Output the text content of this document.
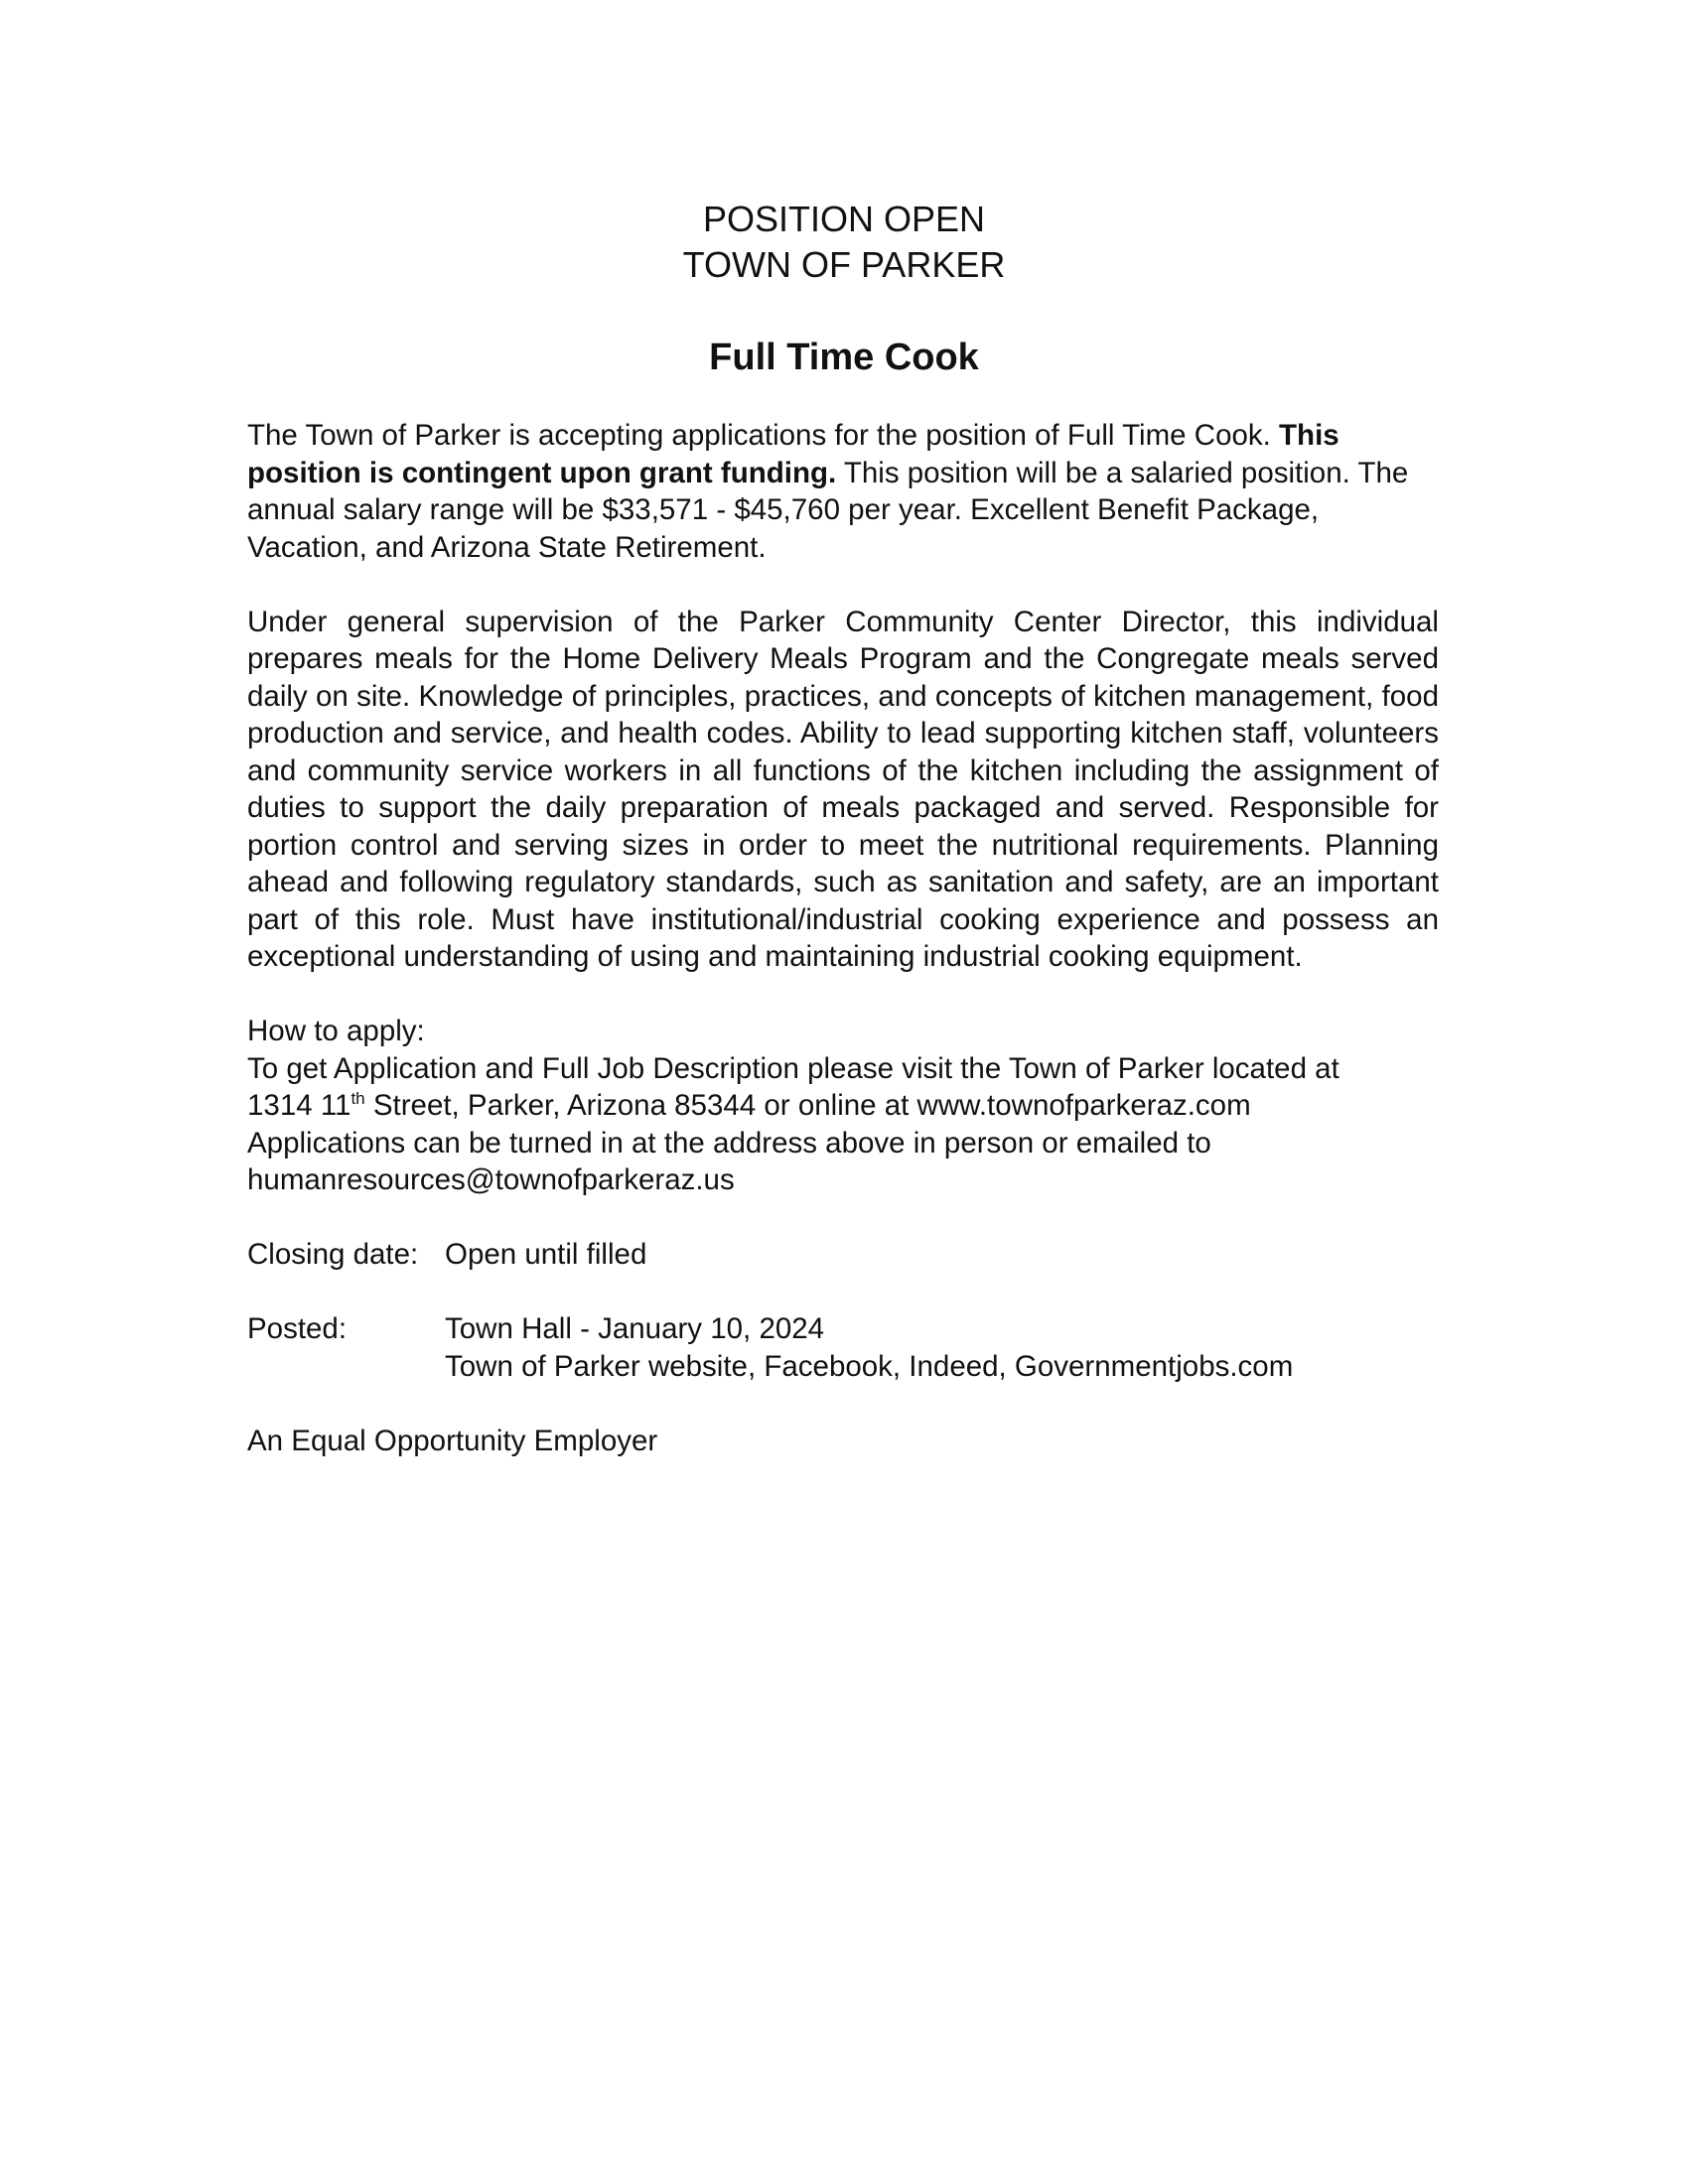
POSITION OPEN
TOWN OF PARKER
Full Time Cook

The Town of Parker is accepting applications for the position of Full Time Cook. This position is contingent upon grant funding. This position will be a salaried position. The annual salary range will be $33,571 - $45,760 per year. Excellent Benefit Package, Vacation, and Arizona State Retirement.

Under general supervision of the Parker Community Center Director, this individual prepares meals for the Home Delivery Meals Program and the Congregate meals served daily on site. Knowledge of principles, practices, and concepts of kitchen management, food production and service, and health codes. Ability to lead supporting kitchen staff, volunteers and community service workers in all functions of the kitchen including the assignment of duties to support the daily preparation of meals packaged and served. Responsible for portion control and serving sizes in order to meet the nutritional requirements. Planning ahead and following regulatory standards, such as sanitation and safety, are an important part of this role. Must have institutional/industrial cooking experience and possess an exceptional understanding of using and maintaining industrial cooking equipment.

How to apply:

To get Application and Full Job Description please visit the Town of Parker located at

1314 11th Street, Parker, Arizona 85344 or online at www.townofparkeraz.com

Applications can be turned in at the address above in person or emailed to

humanresources@townofparkeraz.us

Closing date: Open until filled
Posted:	Town Hall - January 10, 2024
Town of Parker website, Facebook, Indeed, Governmentjobs.com

An Equal Opportunity Employer
